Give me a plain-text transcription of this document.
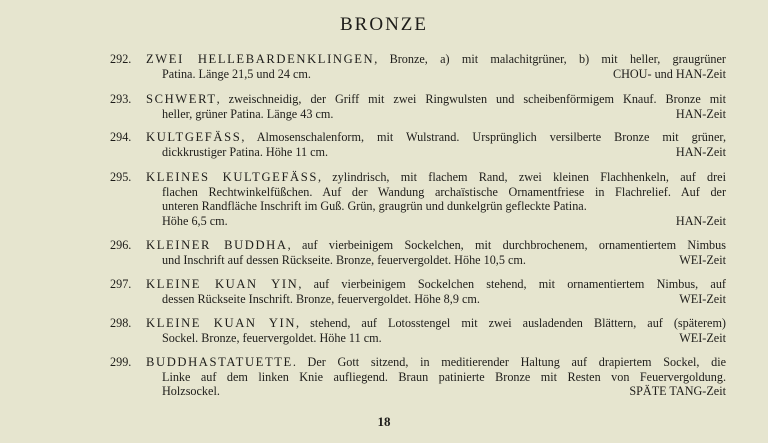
BRONZE
292.	ZWEI HELLEBARDENKLINGEN, Bronze, a) mit malachitgrüner, b) mit heller, graugrüner
Patina. Länge 21,5 und 24 cm.	CHOU- und HAN-Zeit
293.	SCHWERT, zweischneidig, der Griff mit zwei Ringwulsten und scheibenförmigem Knauf. Bronze mit
heller, grüner Patina. Länge 43 cm.	HAN-Zeit
294.	KULTGEFÄSS, Almosenschalenform, mit Wulstrand. Ursprünglich versilberte Bronze mit grüner,
dickkrustiger Patina. Höhe 11 cm.	HAN-Zeit
295.	KLEINES KULTGEFÄSS, zylindrisch, mit flachem Rand, zwei kleinen Flachhenkeln, auf drei
flachen Rechtwinkelfüßchen. Auf der Wandung archaïstische Ornamentfriese in Flachrelief. Auf der
unteren Randfläche Inschrift im Guß. Grün, graugrün und dunkelgrün gefleckte Patina.
Höhe 6,5 cm.	HAN-Zeit
296.	KLEINER BUDDHA, auf vierbeinigem Sockelchen, mit durchbrochenem, ornamentiertem Nimbus
und Inschrift auf dessen Rückseite. Bronze, feuervergoldet. Höhe 10,5 cm.	WEI-Zeit
297.	KLEINE KUAN YIN, auf vierbeinigem Sockelchen stehend, mit ornamentiertem Nimbus, auf
dessen Rückseite Inschrift. Bronze, feuervergoldet. Höhe 8,9 cm.	WEI-Zeit
298.	KLEINE KUAN YIN, stehend, auf Lotosstengel mit zwei ausladenden Blättern, auf (späterem)
Sockel. Bronze, feuervergoldet. Höhe 11 cm.	WEI-Zeit
299.	BUDDHASTATUETTE. Der Gott sitzend, in meditierender Haltung auf drapiertem Sockel, die
Linke auf dem linken Knie aufliegend. Braun patinierte Bronze mit Resten von Feuervergoldung.
Holzsockel.	SPÄTE TANG-Zeit
18
